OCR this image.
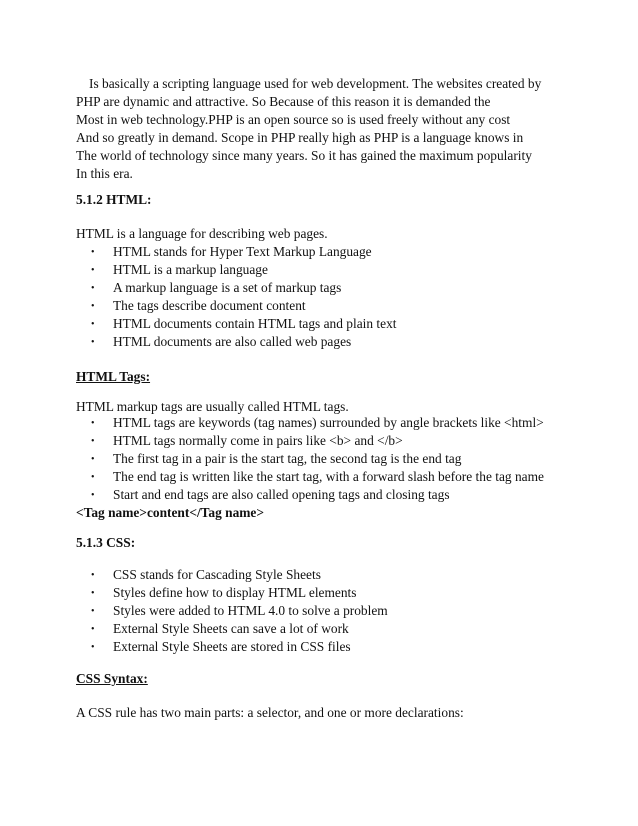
Is basically a scripting language used for web development. The websites created by
PHP are dynamic and attractive. So Because of this reason it is demanded the
Most in web technology.PHP is an open source so is used freely without any cost
And so greatly in demand. Scope in PHP really high as PHP is a language knows in
The world of technology since many years. So it has gained the maximum popularity
In this era.
5.1.2 HTML:
HTML is a language for describing web pages.
• HTML stands for Hyper Text Markup Language
• HTML is a markup language
• A markup language is a set of markup tags
• The tags describe document content
• HTML documents contain HTML tags and plain text
• HTML documents are also called web pages
HTML Tags:
HTML markup tags are usually called HTML tags.
• HTML tags are keywords (tag names) surrounded by angle brackets like <html>
• HTML tags normally come in pairs like <b> and </b>
• The first tag in a pair is the start tag, the second tag is the end tag
• The end tag is written like the start tag, with a forward slash before the tag name
• Start and end tags are also called opening tags and closing tags
<Tag name>content</Tag name>
5.1.3 CSS:
• CSS stands for Cascading Style Sheets
• Styles define how to display HTML elements
• Styles were added to HTML 4.0 to solve a problem
• External Style Sheets can save a lot of work
• External Style Sheets are stored in CSS files
CSS Syntax:
A CSS rule has two main parts: a selector, and one or more declarations:
